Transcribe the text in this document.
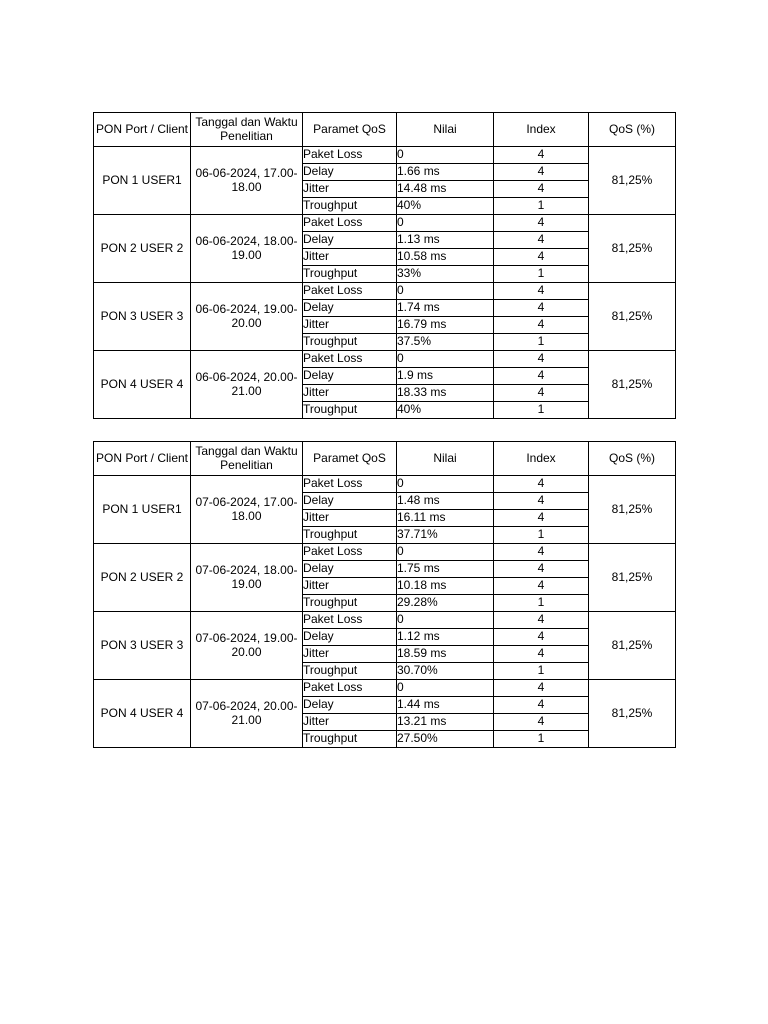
PON Port / Client	Tanggal dan Waktu Penelitian	Paramet QoS	Nilai	Index	QoS (%)
PON 1 USER1	06-06-2024, 17.00-18.00	Paket Loss	0	4	81,25%
		Delay	1.66 ms	4	
		Jitter	14.48 ms	4	
		Troughput	40%	1	
PON 2 USER 2	06-06-2024, 18.00-19.00	Paket Loss	0	4	81,25%
		Delay	1.13 ms	4	
		Jitter	10.58 ms	4	
		Troughput	33%	1	
PON 3 USER 3	06-06-2024, 19.00-20.00	Paket Loss	0	4	81,25%
		Delay	1.74 ms	4	
		Jitter	16.79 ms	4	
		Troughput	37.5%	1	
PON 4 USER 4	06-06-2024, 20.00-21.00	Paket Loss	0	4	81,25%
		Delay	1.9 ms	4	
		Jitter	18.33 ms	4	
		Troughput	40%	1	
PON Port / Client	Tanggal dan Waktu Penelitian	Paramet QoS	Nilai	Index	QoS (%)
PON 1 USER1	07-06-2024, 17.00-18.00	Paket Loss	0	4	81,25%
		Delay	1.48 ms	4	
		Jitter	16.11 ms	4	
		Troughput	37.71%	1	
PON 2 USER 2	07-06-2024, 18.00-19.00	Paket Loss	0	4	81,25%
		Delay	1.75 ms	4	
		Jitter	10.18 ms	4	
		Troughput	29.28%	1	
PON 3 USER 3	07-06-2024, 19.00-20.00	Paket Loss	0	4	81,25%
		Delay	1.12 ms	4	
		Jitter	18.59 ms	4	
		Troughput	30.70%	1	
PON 4 USER 4	07-06-2024, 20.00-21.00	Paket Loss	0	4	81,25%
		Delay	1.44 ms	4	
		Jitter	13.21 ms	4	
		Troughput	27.50%	1	
